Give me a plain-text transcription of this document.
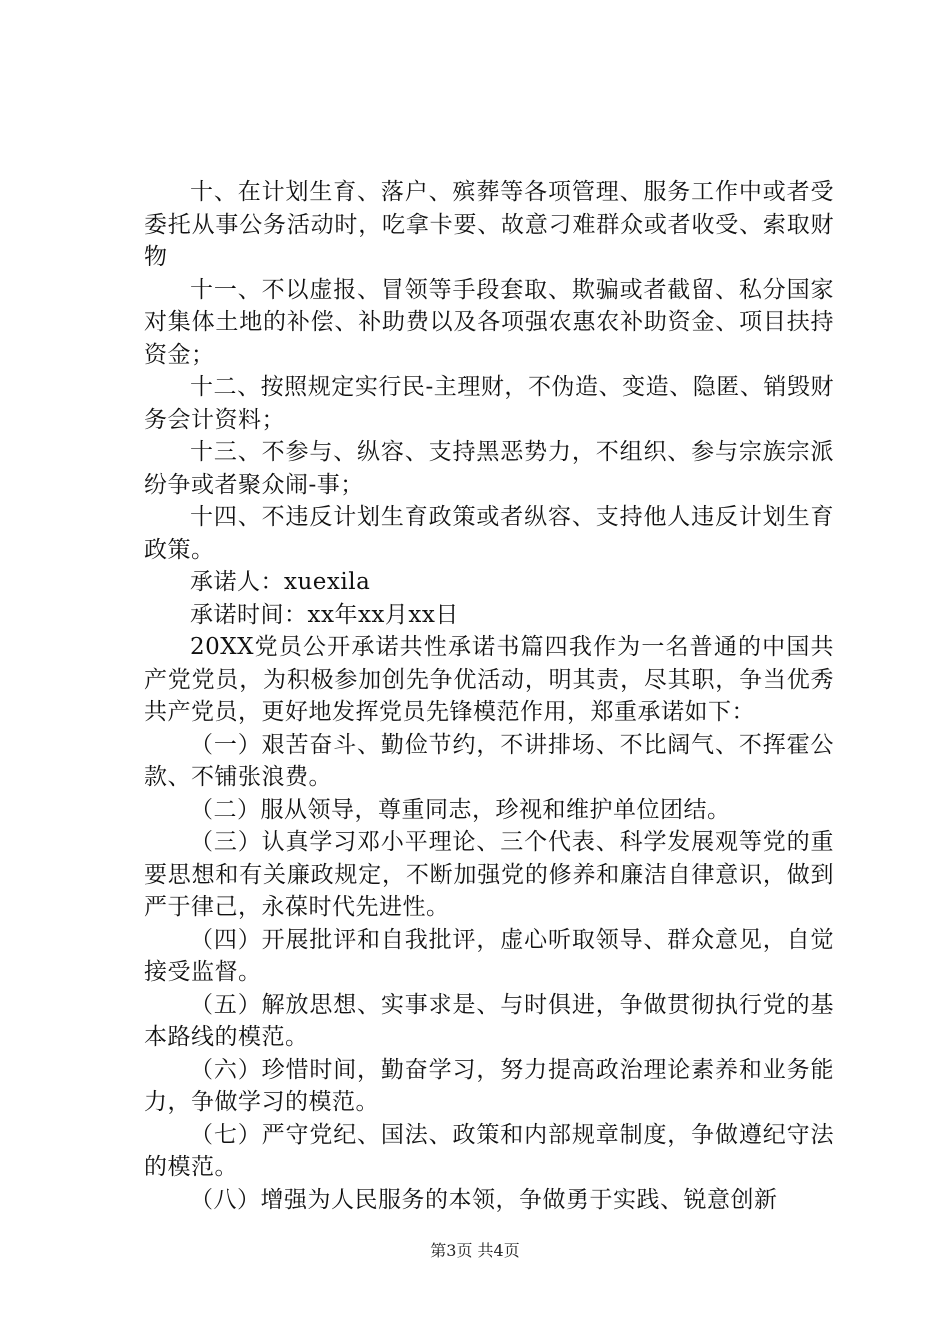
十、在计划生育、落户、殡葬等各项管理、服务工作中或者受委托从事公务活动时，吃拿卡要、故意刁难群众或者收受、索取财物

十一、不以虚报、冒领等手段套取、欺骗或者截留、私分国家对集体土地的补偿、补助费以及各项强农惠农补助资金、项目扶持资金；

十二、按照规定实行民-主理财，不伪造、变造、隐匿、销毁财务会计资料；

十三、不参与、纵容、支持黑恶势力，不组织、参与宗族宗派纷争或者聚众闹-事；

十四、不违反计划生育政策或者纵容、支持他人违反计划生育政策。

承诺人：xuexila

承诺时间：xx年xx月xx日

20XX党员公开承诺共性承诺书篇四我作为一名普通的中国共产党党员，为积极参加创先争优活动，明其责，尽其职，争当优秀共产党员，更好地发挥党员先锋模范作用，郑重承诺如下：

（一）艰苦奋斗、勤俭节约，不讲排场、不比阔气、不挥霍公款、不铺张浪费。

（二）服从领导，尊重同志，珍视和维护单位团结。

（三）认真学习邓小平理论、三个代表、科学发展观等党的重要思想和有关廉政规定，不断加强党的修养和廉洁自律意识，做到严于律己，永葆时代先进性。

（四）开展批评和自我批评，虚心听取领导、群众意见，自觉接受监督。

（五）解放思想、实事求是、与时俱进，争做贯彻执行党的基本路线的模范。

（六）珍惜时间，勤奋学习，努力提高政治理论素养和业务能力，争做学习的模范。

（七）严守党纪、国法、政策和内部规章制度，争做遵纪守法的模范。

（八）增强为人民服务的本领，争做勇于实践、锐意创新

第3页 共4页
